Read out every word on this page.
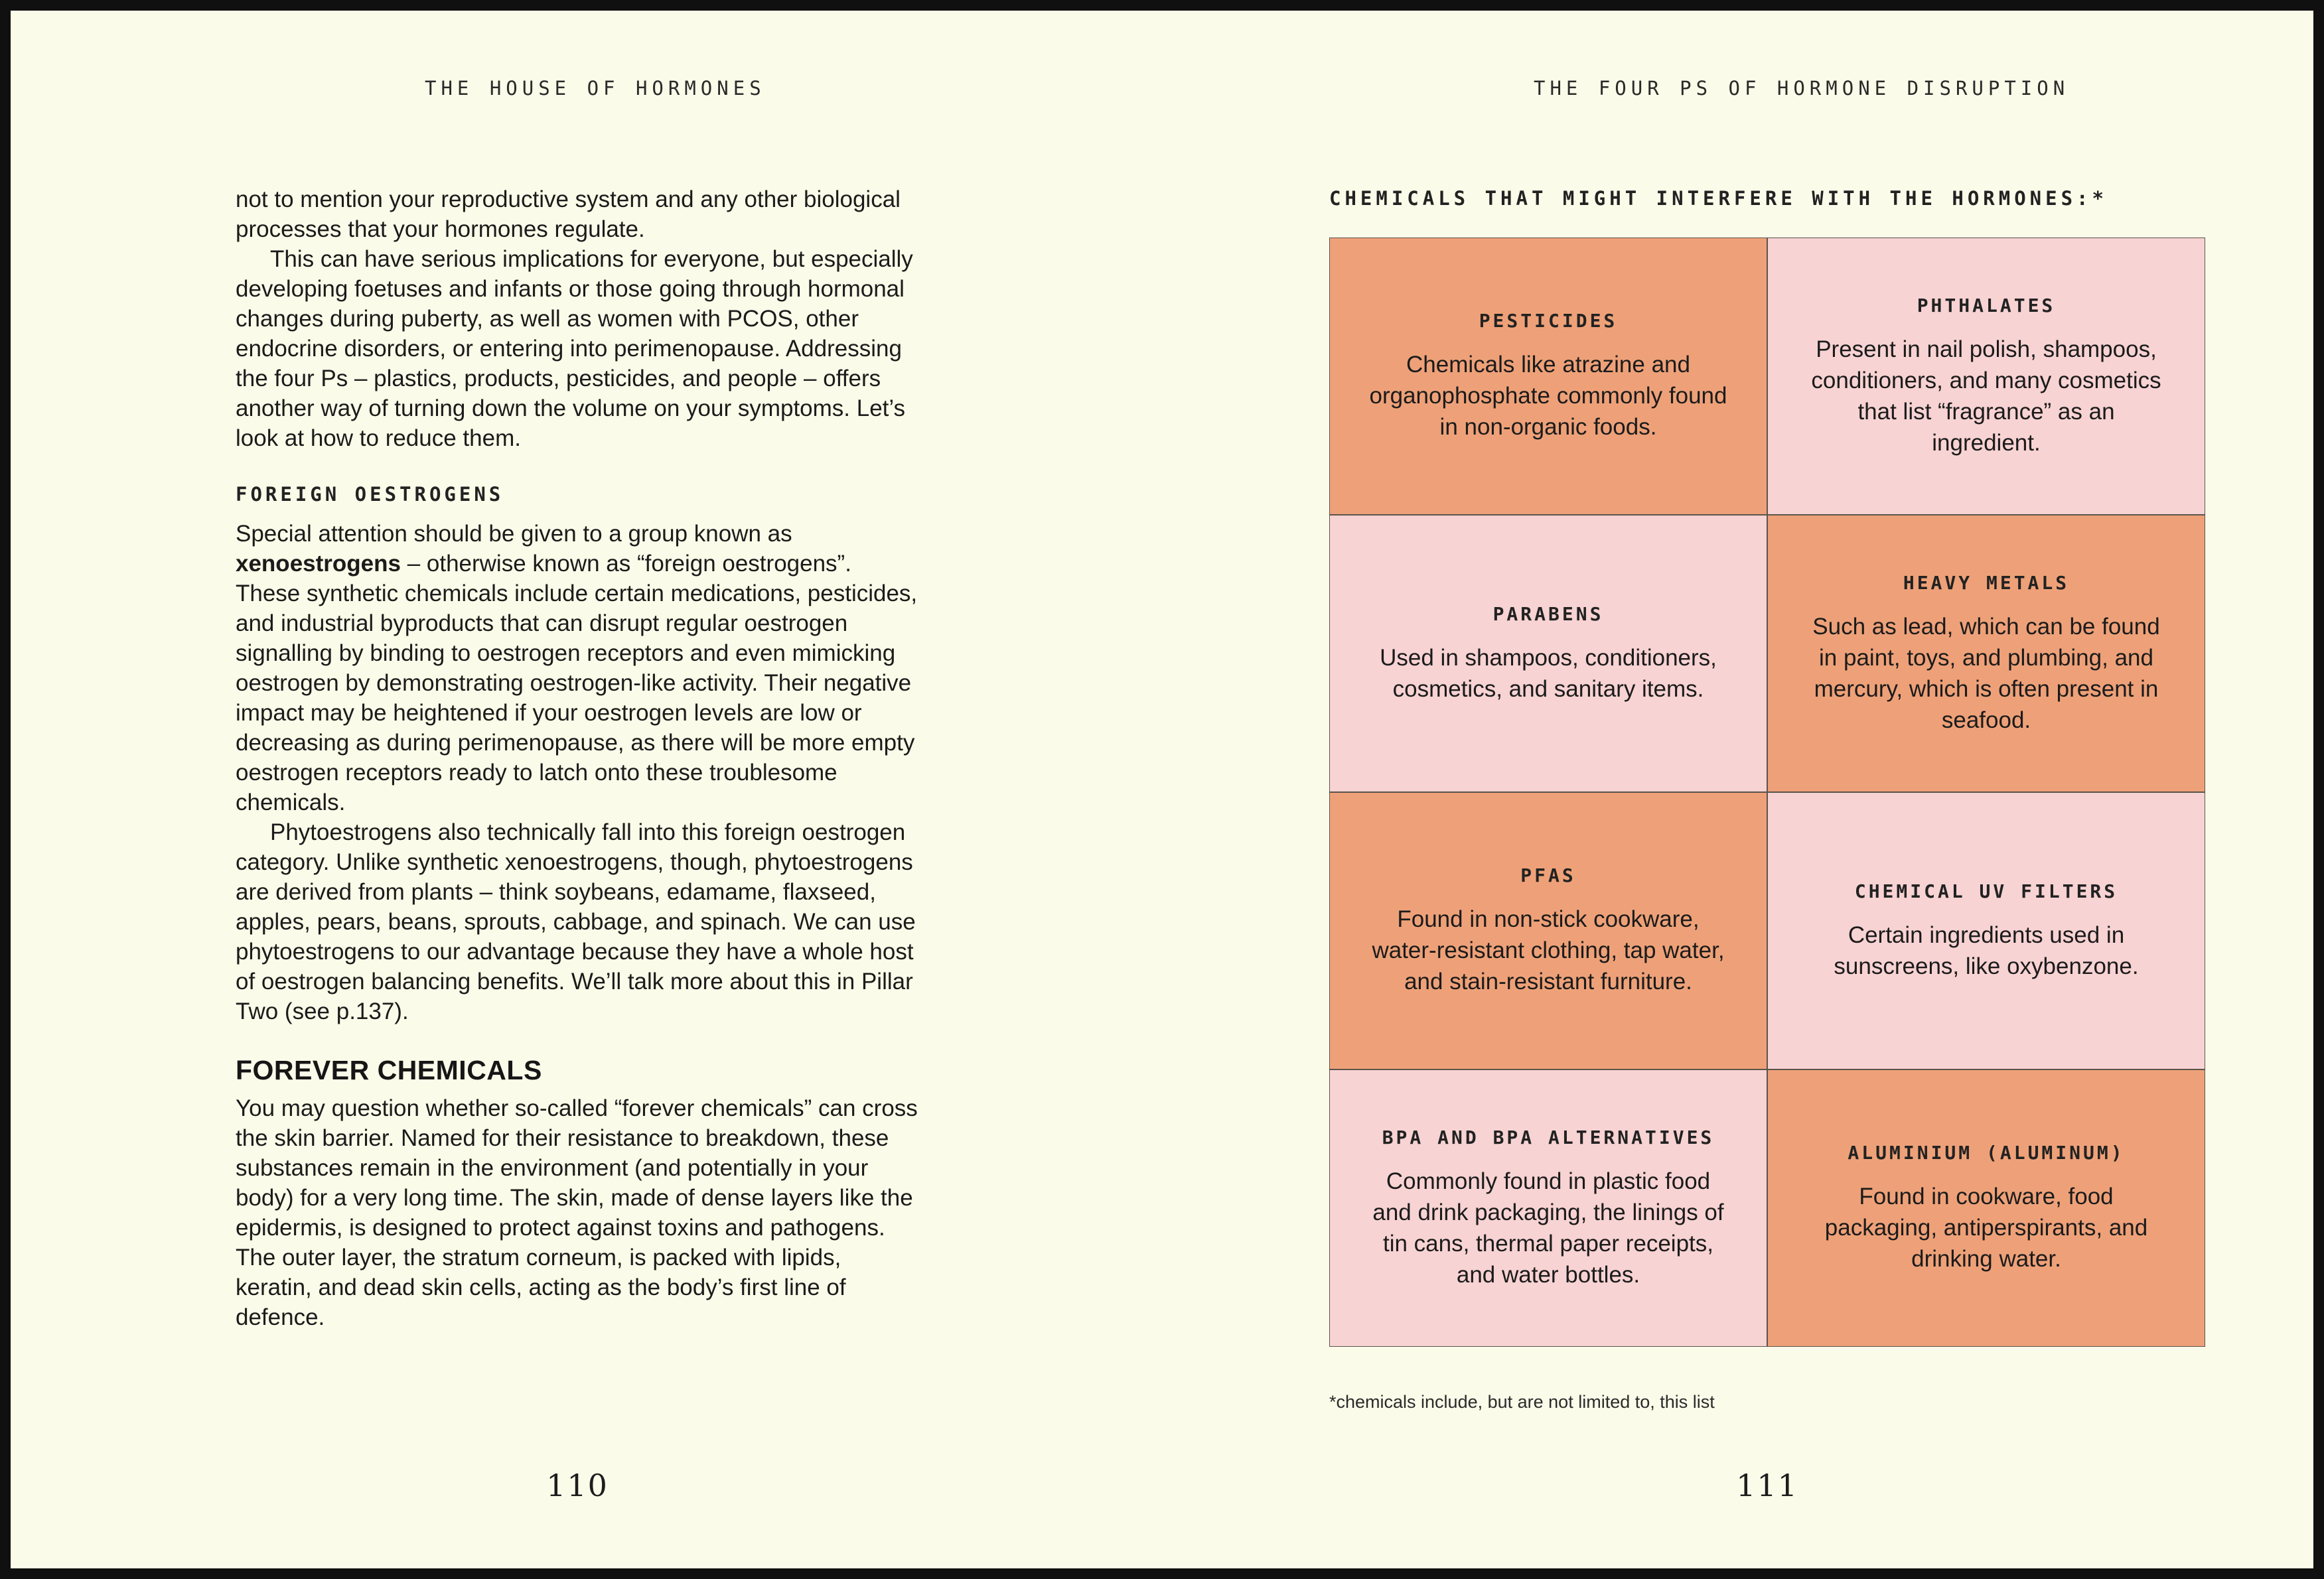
THE HOUSE OF HORMONES

not to mention your reproductive system and any other biological processes that your hormones regulate.

This can have serious implications for everyone, but especially developing foetuses and infants or those going through hormonal changes during puberty, as well as women with PCOS, other endocrine disorders, or entering into perimenopause. Addressing the four Ps – plastics, products, pesticides, and people – offers another way of turning down the volume on your symptoms. Let’s look at how to reduce them.

FOREIGN OESTROGENS

Special attention should be given to a group known as xenoestrogens – otherwise known as “foreign oestrogens”. These synthetic chemicals include certain medications, pesticides, and industrial byproducts that can disrupt regular oestrogen signalling by binding to oestrogen receptors and even mimicking oestrogen by demonstrating oestrogen-like activity. Their negative impact may be heightened if your oestrogen levels are low or decreasing as during perimenopause, as there will be more empty oestrogen receptors ready to latch onto these troublesome chemicals.

Phytoestrogens also technically fall into this foreign oestrogen category. Unlike synthetic xenoestrogens, though, phytoestrogens are derived from plants – think soybeans, edamame, flaxseed, apples, pears, beans, sprouts, cabbage, and spinach. We can use phytoestrogens to our advantage because they have a whole host of oestrogen balancing benefits. We’ll talk more about this in Pillar Two (see p.137).

FOREVER CHEMICALS

You may question whether so-called “forever chemicals” can cross the skin barrier. Named for their resistance to breakdown, these substances remain in the environment (and potentially in your body) for a very long time. The skin, made of dense layers like the epidermis, is designed to protect against toxins and pathogens. The outer layer, the stratum corneum, is packed with lipids, keratin, and dead skin cells, acting as the body’s first line of defence.

110
THE FOUR PS OF HORMONE DISRUPTION
CHEMICALS THAT MIGHT INTERFERE WITH THE HORMONES:*
PESTICIDES
Chemicals like atrazine and organophosphate commonly found in non-organic foods.
PHTHALATES
Present in nail polish, shampoos, conditioners, and many cosmetics that list “fragrance” as an ingredient.
PARABENS
Used in shampoos, conditioners, cosmetics, and sanitary items.
HEAVY METALS
Such as lead, which can be found in paint, toys, and plumbing, and mercury, which is often present in seafood.
PFAS
Found in non-stick cookware, water-resistant clothing, tap water, and stain-resistant furniture.
CHEMICAL UV FILTERS
Certain ingredients used in sunscreens, like oxybenzone.
BPA AND BPA ALTERNATIVES
Commonly found in plastic food and drink packaging, the linings of tin cans, thermal paper receipts, and water bottles.
ALUMINIUM (ALUMINUM)
Found in cookware, food packaging, antiperspirants, and drinking water.
*chemicals include, but are not limited to, this list
111
